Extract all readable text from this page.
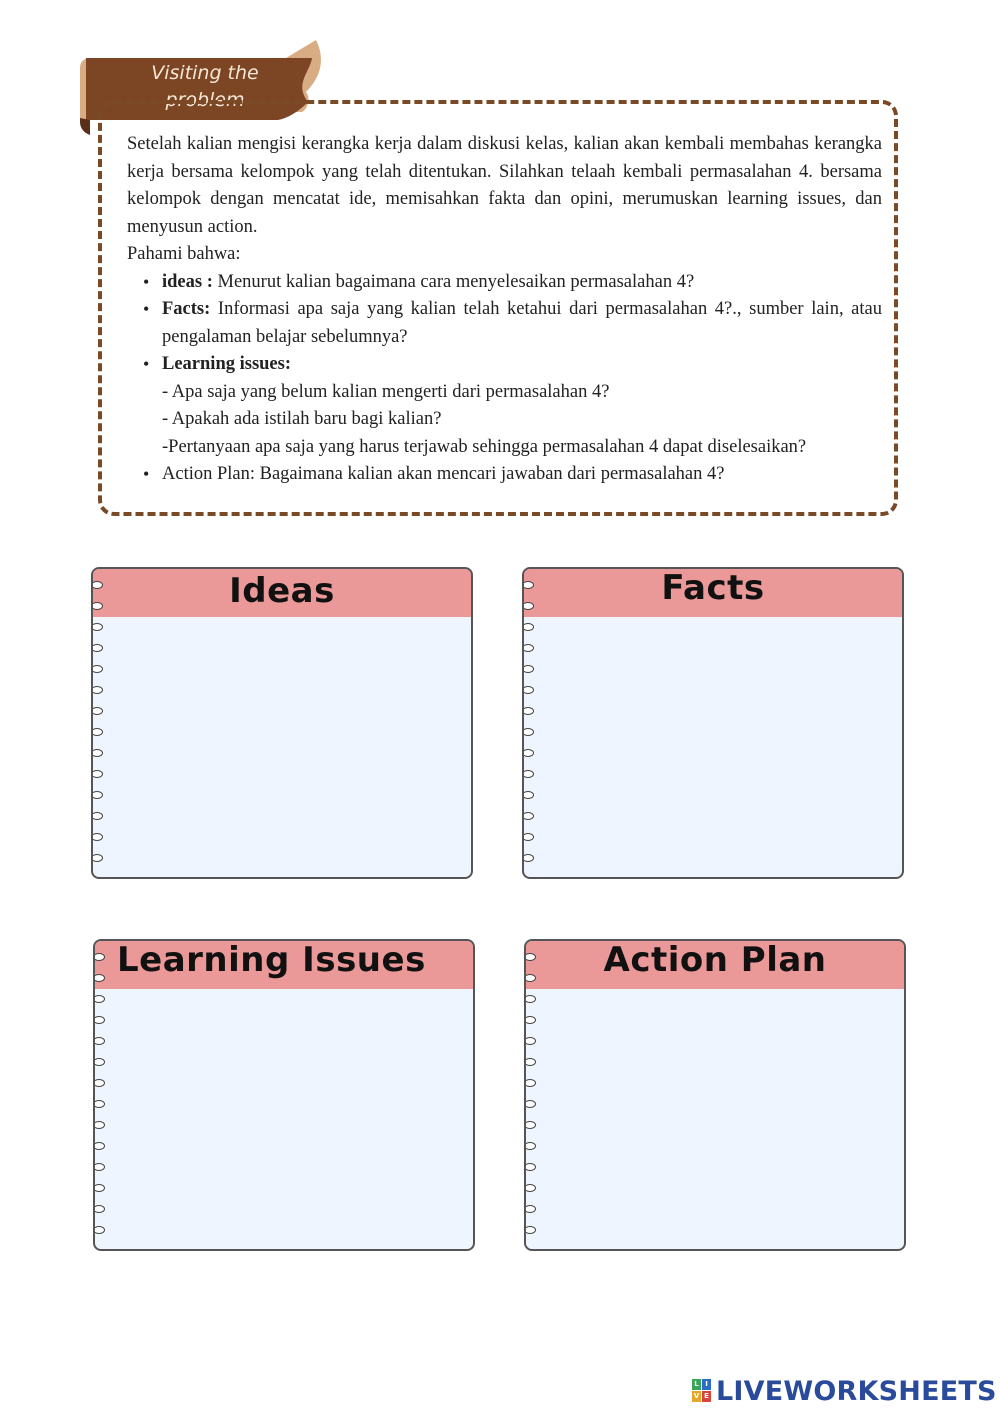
Visiting the problem

Setelah kalian mengisi kerangka kerja dalam diskusi kelas, kalian akan kembali membahas kerangka kerja bersama kelompok yang telah ditentukan. Silahkan telaah kembali permasalahan 4. bersama kelompok dengan mencatat ide, memisahkan fakta dan opini, merumuskan learning issues, dan menyusun action.

Pahami bahwa:

• ideas : Menurut kalian bagaimana cara menyelesaikan permasalahan 4?
• Facts: Informasi apa saja yang kalian telah ketahui dari permasalahan 4?., sumber lain, atau pengalaman belajar sebelumnya?
• Learning issues:
- Apa saja yang belum kalian mengerti dari permasalahan 4?
- Apakah ada istilah baru bagi kalian?
-Pertanyaan apa saja yang harus terjawab sehingga permasalahan 4 dapat diselesaikan?
• Action Plan: Bagaimana kalian akan mencari jawaban dari permasalahan 4?
Ideas	Facts
Learning Issues	Action Plan
L I
V E LIVEWORKSHEETS
